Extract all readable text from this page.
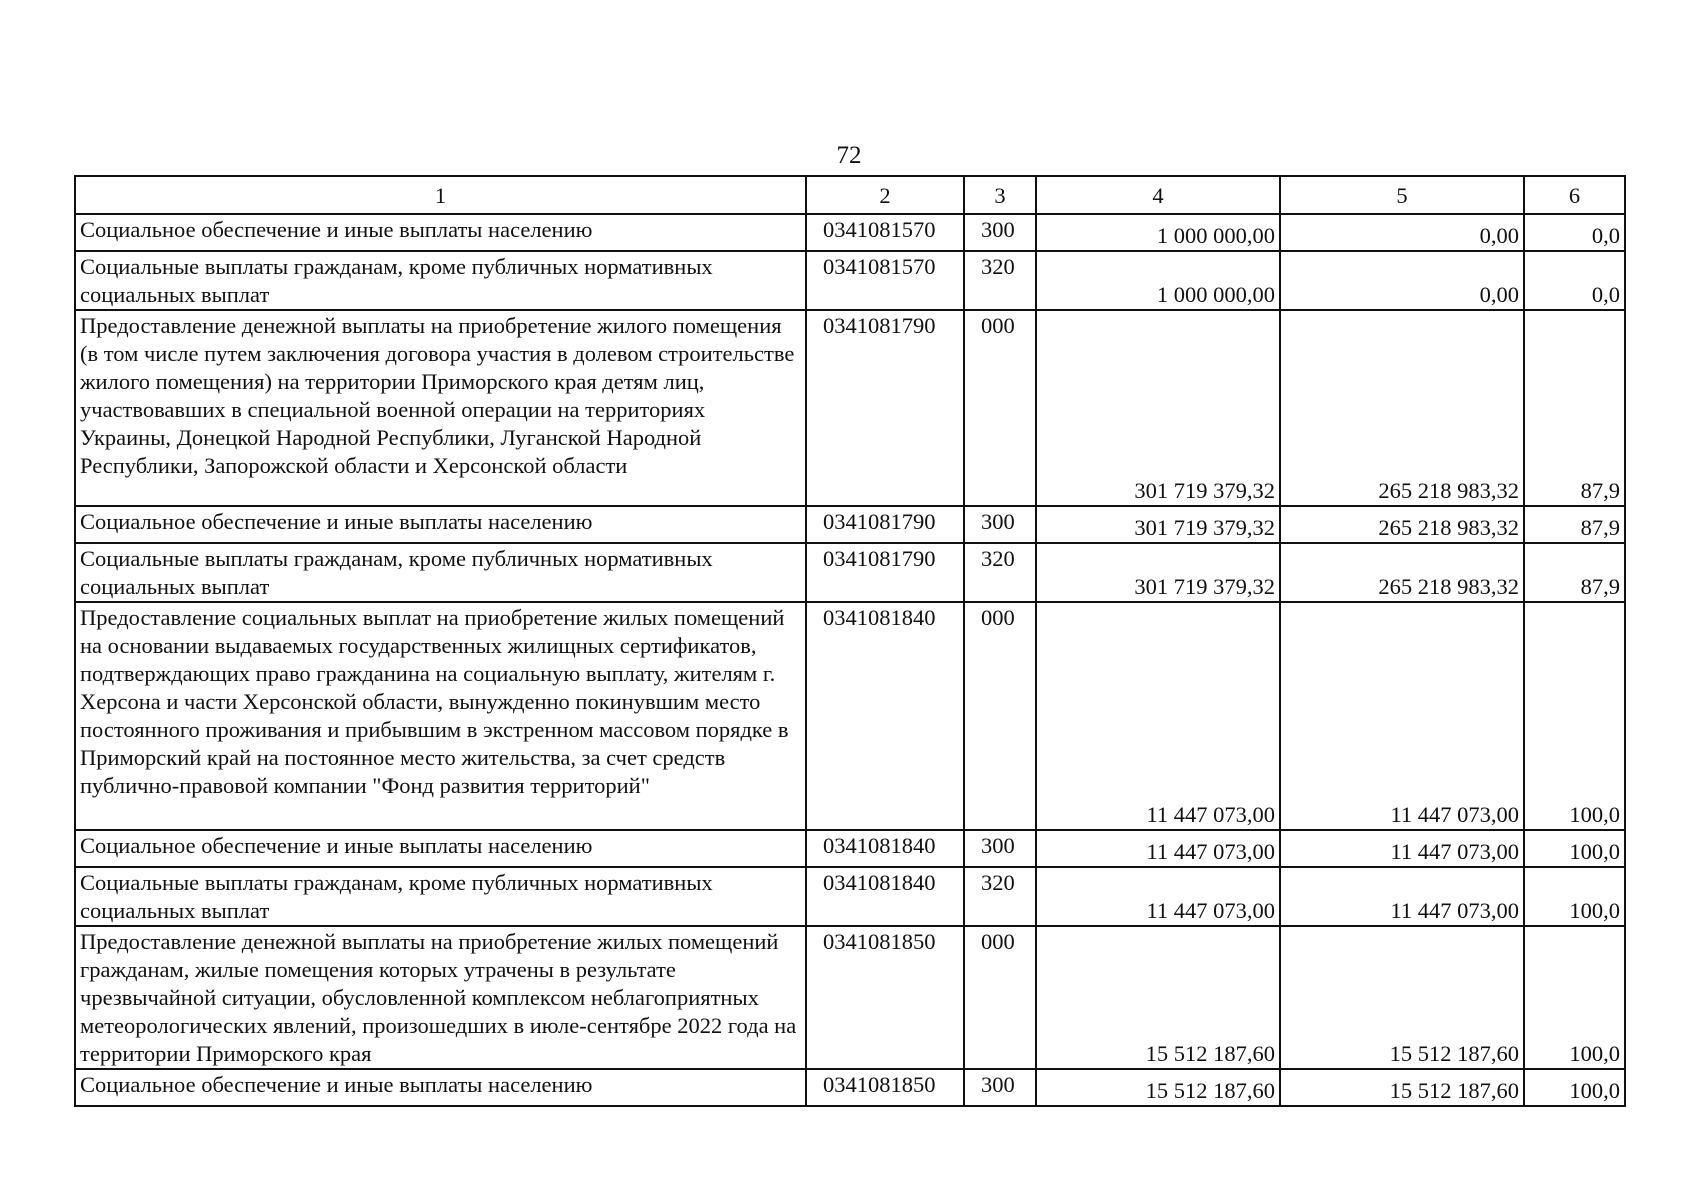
72
1	2	3	4	5	6
Социальное обеспечение и иные выплаты населению	0341081570	300	1 000 000,00	0,00	0,0
Социальные выплаты гражданам, кроме публичных нормативных социальных выплат	0341081570	320	1 000 000,00	0,00	0,0
Предоставление денежной выплаты на приобретение жилого помещения (в том числе путем заключения договора участия в долевом строительстве жилого помещения) на территории Приморского края детям лиц, участвовавших в специальной военной операции на территориях Украины, Донецкой Народной Республики, Луганской Народной Республики, Запорожской области и Херсонской области	0341081790	000	301 719 379,32	265 218 983,32	87,9
Социальное обеспечение и иные выплаты населению	0341081790	300	301 719 379,32	265 218 983,32	87,9
Социальные выплаты гражданам, кроме публичных нормативных социальных выплат	0341081790	320	301 719 379,32	265 218 983,32	87,9
Предоставление социальных выплат на приобретение жилых помещений на основании выдаваемых государственных жилищных сертификатов, подтверждающих право гражданина на социальную выплату, жителям г. Херсона и части Херсонской области, вынужденно покинувшим место постоянного проживания и прибывшим в экстренном массовом порядке в Приморский край на постоянное место жительства, за счет средств публично-правовой компании "Фонд развития территорий"	0341081840	000	11 447 073,00	11 447 073,00	100,0
Социальное обеспечение и иные выплаты населению	0341081840	300	11 447 073,00	11 447 073,00	100,0
Социальные выплаты гражданам, кроме публичных нормативных социальных выплат	0341081840	320	11 447 073,00	11 447 073,00	100,0
Предоставление денежной выплаты на приобретение жилых помещений гражданам, жилые помещения которых утрачены в результате чрезвычайной ситуации, обусловленной комплексом неблагоприятных метеорологических явлений, произошедших в июле-сентябре 2022 года на территории Приморского края	0341081850	000	15 512 187,60	15 512 187,60	100,0
Социальное обеспечение и иные выплаты населению	0341081850	300	15 512 187,60	15 512 187,60	100,0
